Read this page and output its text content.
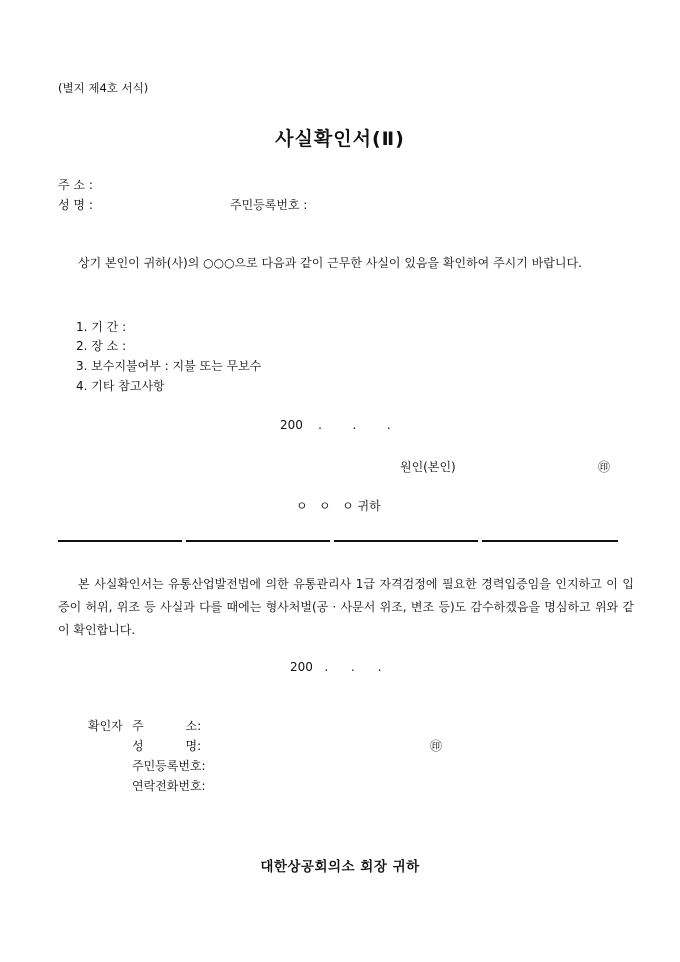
(별지 제4호 서식)
사실확인서(Ⅱ)
주 소 :
성 명 :	주민등록번호 :

상기 본인이 귀하(사)의 ○○○으로 다음과 같이 근무한 사실이 있음을 확인하여 주시기 바랍니다.

1. 기 간 :
2. 장 소 :
3. 보수지불여부 : 지불 또는 무보수
4. 기타 참고사항
200    .        .        .
원인(본인)	㊞
ㅇ   ㅇ   ㅇ 귀하

본 사실확인서는 유통산업발전법에 의한 유통관리사 1급 자격검정에 필요한 경력입증임을 인지하고 이 입증이 허위, 위조 등 사실과 다를 때에는 형사처벌(공 · 사문서 위조, 변조 등)도 감수하겠음을 명심하고 위와 같이 확인합니다.

200   .      .      .
확인자 주           소:
성           명:	㊞
주민등록번호:
연락전화번호:
대한상공회의소 회장 귀하
